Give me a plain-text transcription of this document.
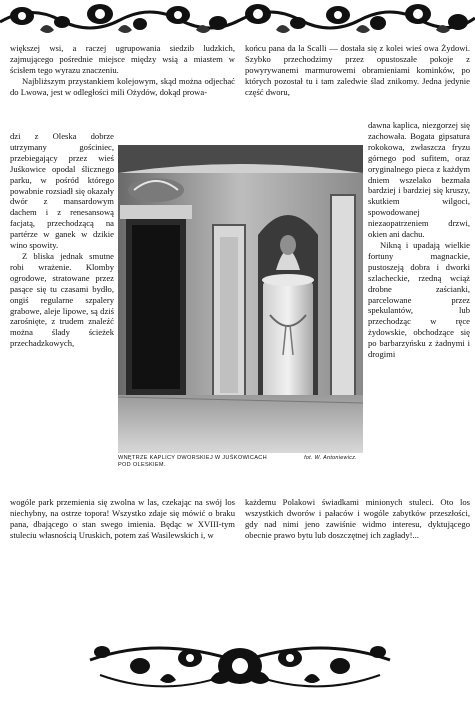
większej wsi, a raczej ugrupowania siedzib ludzkich, zajmującego pośrednie miejsce między wsią a miastem w ścisłem tego wyrazu znaczeniu.

Najbliższym przystankiem kolejowym, skąd można odjechać do Lwowa, jest w odległości mili Ożydów, dokąd prowa-

końcu pana da la Scalli — dostała się z kolei wieś owa Żydowi. Szybko przechodzimy przez opustoszałe pokoje z powyrywanemi marmurowemi obramieniami kominków, po których pozostał tu i tam zaledwie ślad znikomy. Jedna jedynie część dworu,

dzi z Oleska dobrze utrzymany gościniec, przebiegający przez wieś Juśkowice opodal ślicznego parku, w pośród którego powabnie rozsiadł się okazały dwór z mansardowym dachem i z renesansową facjatą, przechodzącą na partérze w ganek w dzikie wino spowity.

Z bliska jednak smutne robi wrażenie. Klomby ogrodowe, stratowane przez pasące się tu czasami bydło, ongiś regularne szpalery grabowe, aleje lipowe, są dziś zarośnięte, z trudem znaleźć można ślady ścieżek przechadzkowych,

dawna kaplica, niezgorzej się zachowała. Bogata gipsatura rokokowa, zwłaszcza fryzu górnego pod sufitem, oraz oryginalnego pieca z każdym dniem wszelako bezmała bardziej i bardziej się kruszy, skutkiem wilgoci, spowodowanej niezaopatrzeniem drzwi, okien ani dachu.

Nikną i upadają wielkie fortuny magnackie, pustoszeją dobra i dworki szlacheckie, rzedną wciąż drobne zaścianki, parcelowane przez spekulantów, lub przechodząc w ręce żydowskie, obchodzące się po barbarzyńsku z żadnymi i drogimi

WNĘTRZE KAPLICY DWORSKIEJ W JUŚKOWICACH POD OLESKIEM.
fot. W. Antoniewicz.

wogóle park przemienia się zwolna w las, czekając na swój los niechybny, na ostrze topora! Wszystko zdaje się mówić o braku pana, dbającego o stan swego imienia. Będąc w XVIII-tym stuleciu własnością Uruskich, potem zaś Wasilewskich i, w

każdemu Polakowi świadkami minionych stuleci. Oto los wszystkich dworów i pałaców i wogóle zabytków przeszłości, gdy nad nimi jeno zawiśnie widmo interesu, dyktującego obecnie prawo bytu lub doszczętnej ich zagłady!...
